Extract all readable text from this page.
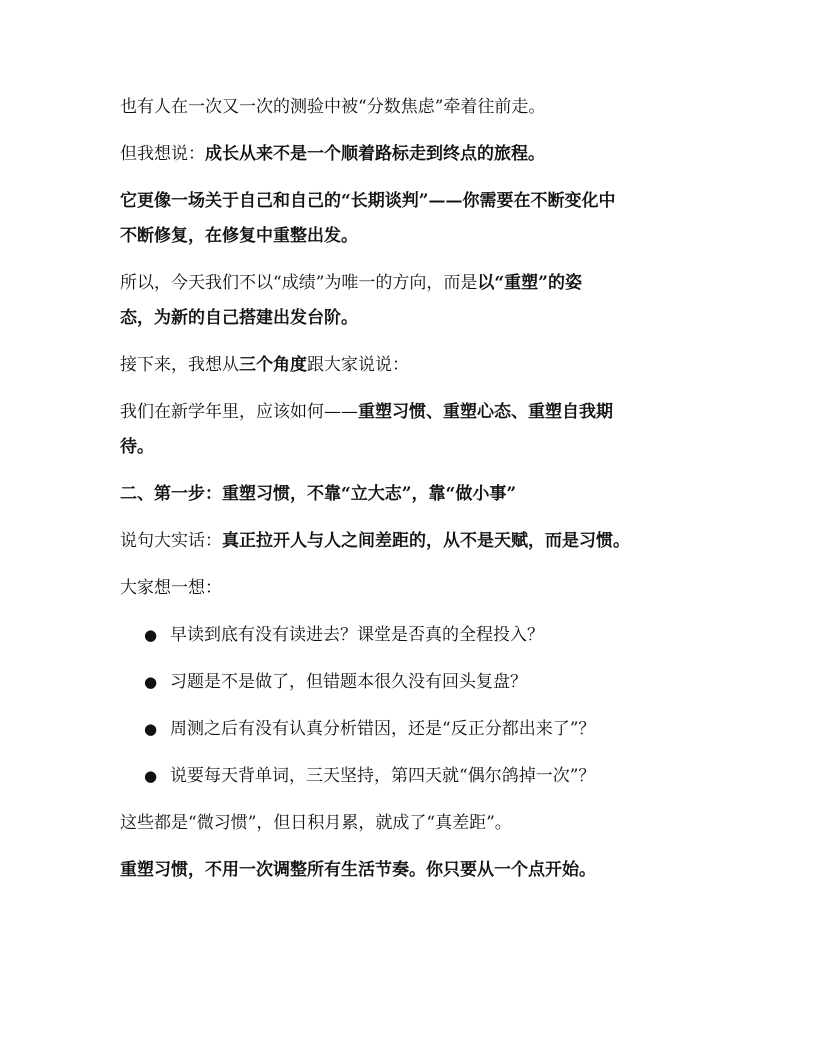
也有人在一次又一次的测验中被“分数焦虑”牵着往前走。

但我想说：成长从来不是一个顺着路标走到终点的旅程。

它更像一场关于自己和自己的“长期谈判”——你需要在不断变化中
不断修复，在修复中重整出发。

所以，今天我们不以“成绩”为唯一的方向，而是以“重塑”的姿
态，为新的自己搭建出发台阶。

接下来，我想从三个角度跟大家说说：

我们在新学年里，应该如何——重塑习惯、重塑心态、重塑自我期
待。

二、第一步：重塑习惯，不靠“立大志”，靠“做小事”

说句大实话：真正拉开人与人之间差距的，从不是天赋，而是习惯。

大家想一想：

● 早读到底有没有读进去？课堂是否真的全程投入？
● 习题是不是做了，但错题本很久没有回头复盘？
● 周测之后有没有认真分析错因，还是“反正分都出来了”？
● 说要每天背单词，三天坚持，第四天就“偶尔鸽掉一次”？

这些都是“微习惯”，但日积月累，就成了“真差距”。

重塑习惯，不用一次调整所有生活节奏。你只要从一个点开始。
